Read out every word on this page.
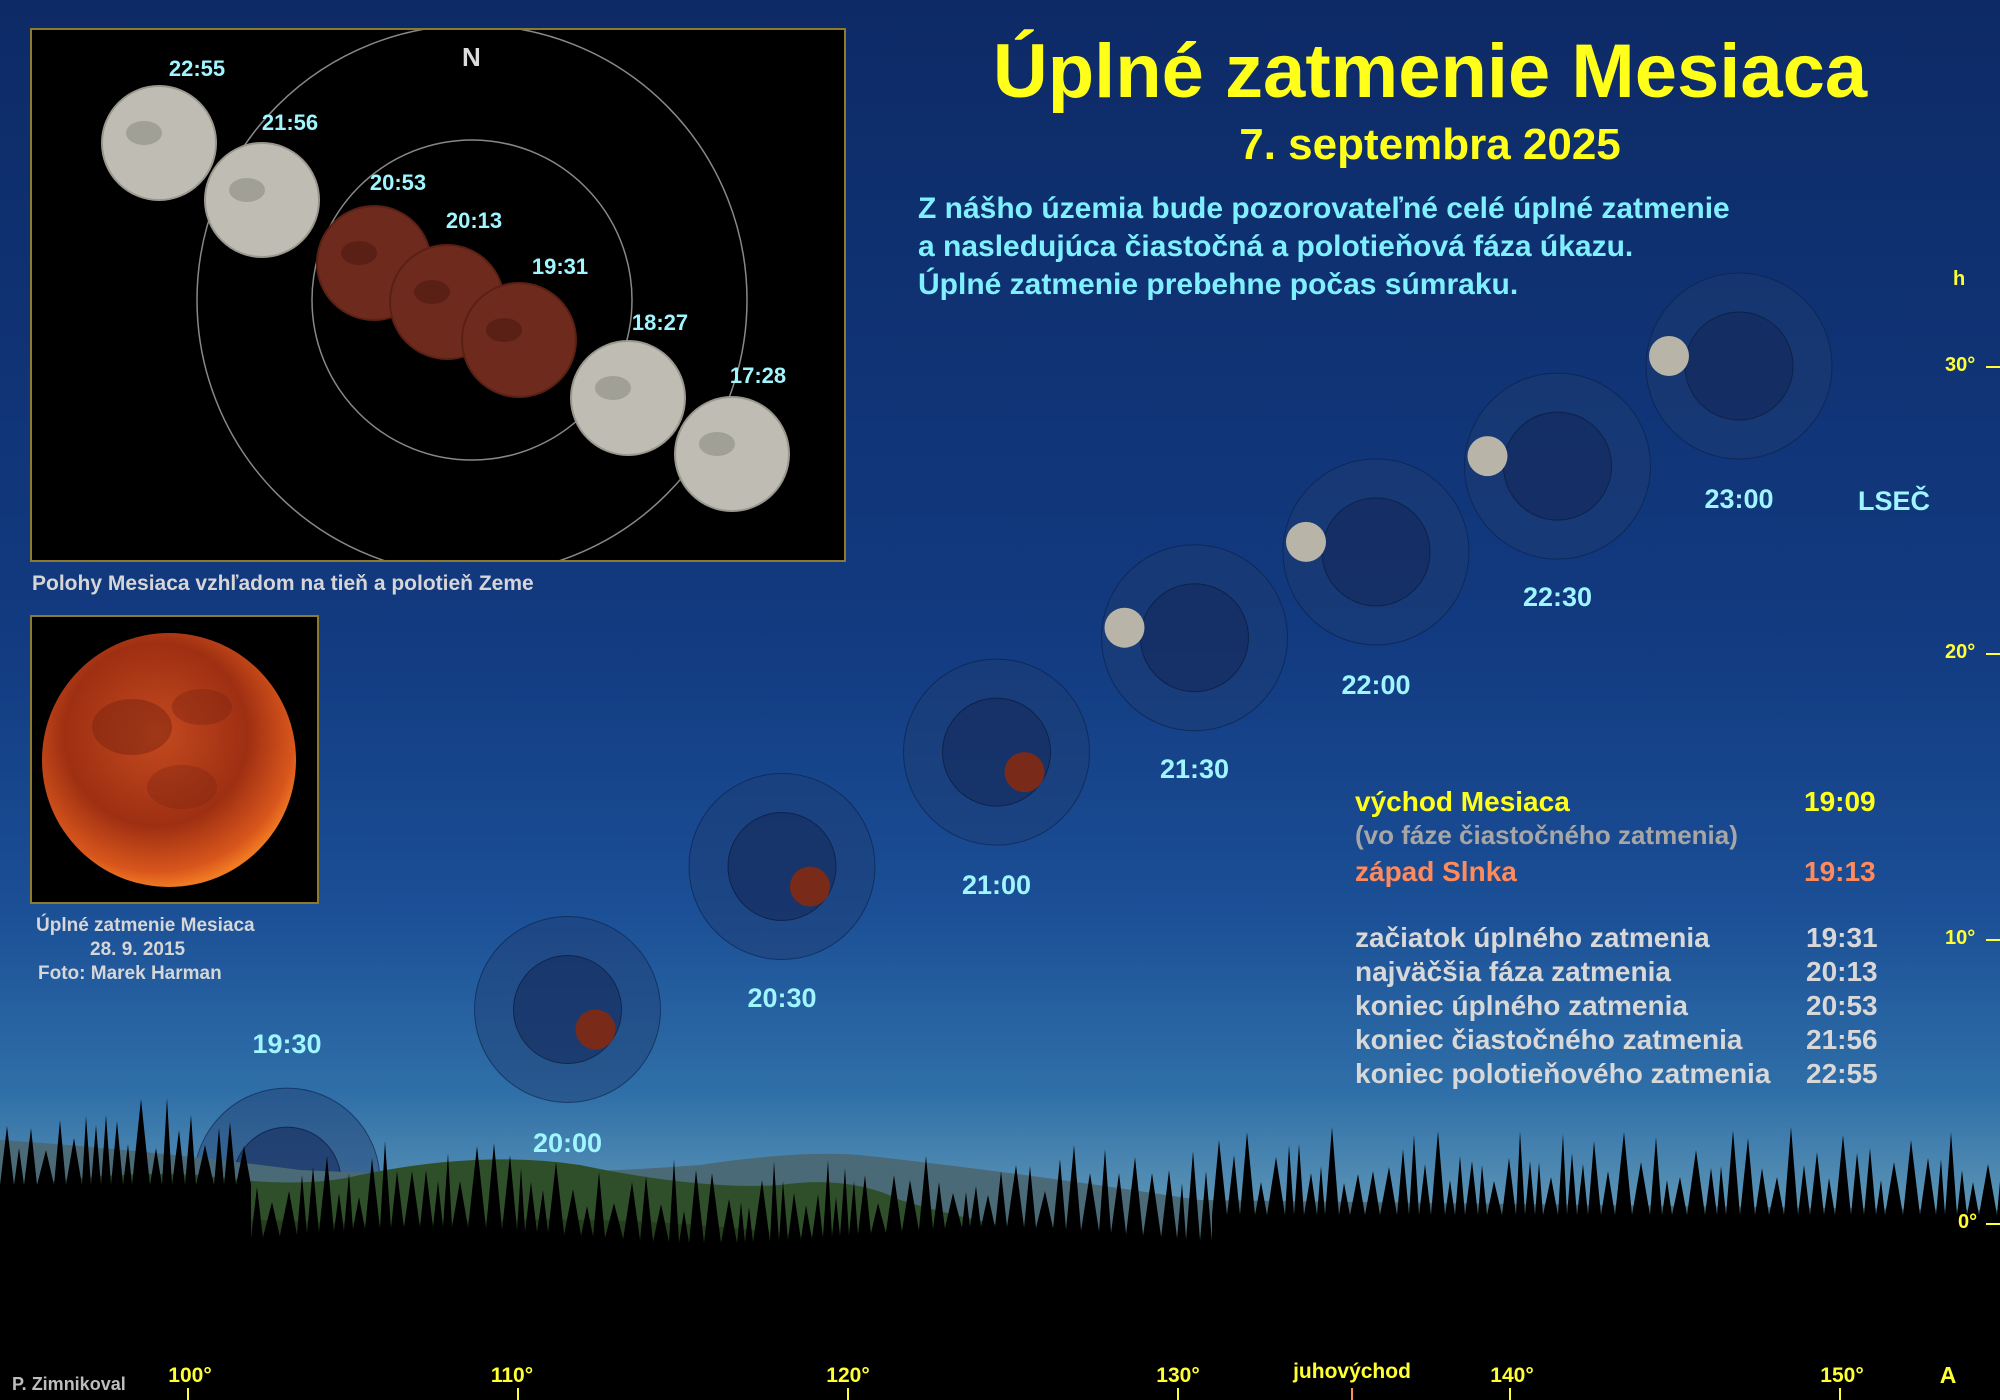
Úplné zatmenie Mesiaca
7. septembra 2025
Z nášho územia bude pozorovateľné celé úplné zatmenie
a nasledujúca čiastočná a polotieňová fáza úkazu.
Úplné zatmenie prebehne počas súmraku.
19:30
20:00
20:30
21:00
21:30
22:00
22:30
23:00	LSEČ
h
30°
20°
10°
0°
100°	110°	120°	130°	juhovýchod	140°	150°	A
P. Zimnikoval
východ Mesiaca	19:09
(vo fáze čiastočného zatmenia)
západ Slnka	19:13
začiatok úplného zatmenia	19:31
najväčšia fáza zatmenia	20:13
koniec úplného zatmenia	20:53
koniec čiastočného zatmenia 21:56
koniec polotieňového zatmenia 22:55
N
22:55
21:56
20:53
20:13
19:31
18:27
17:28
Polohy Mesiaca vzhľadom na tieň a polotieň Zeme
Úplné zatmenie Mesiaca
28. 9. 2015
Foto: Marek Harman
